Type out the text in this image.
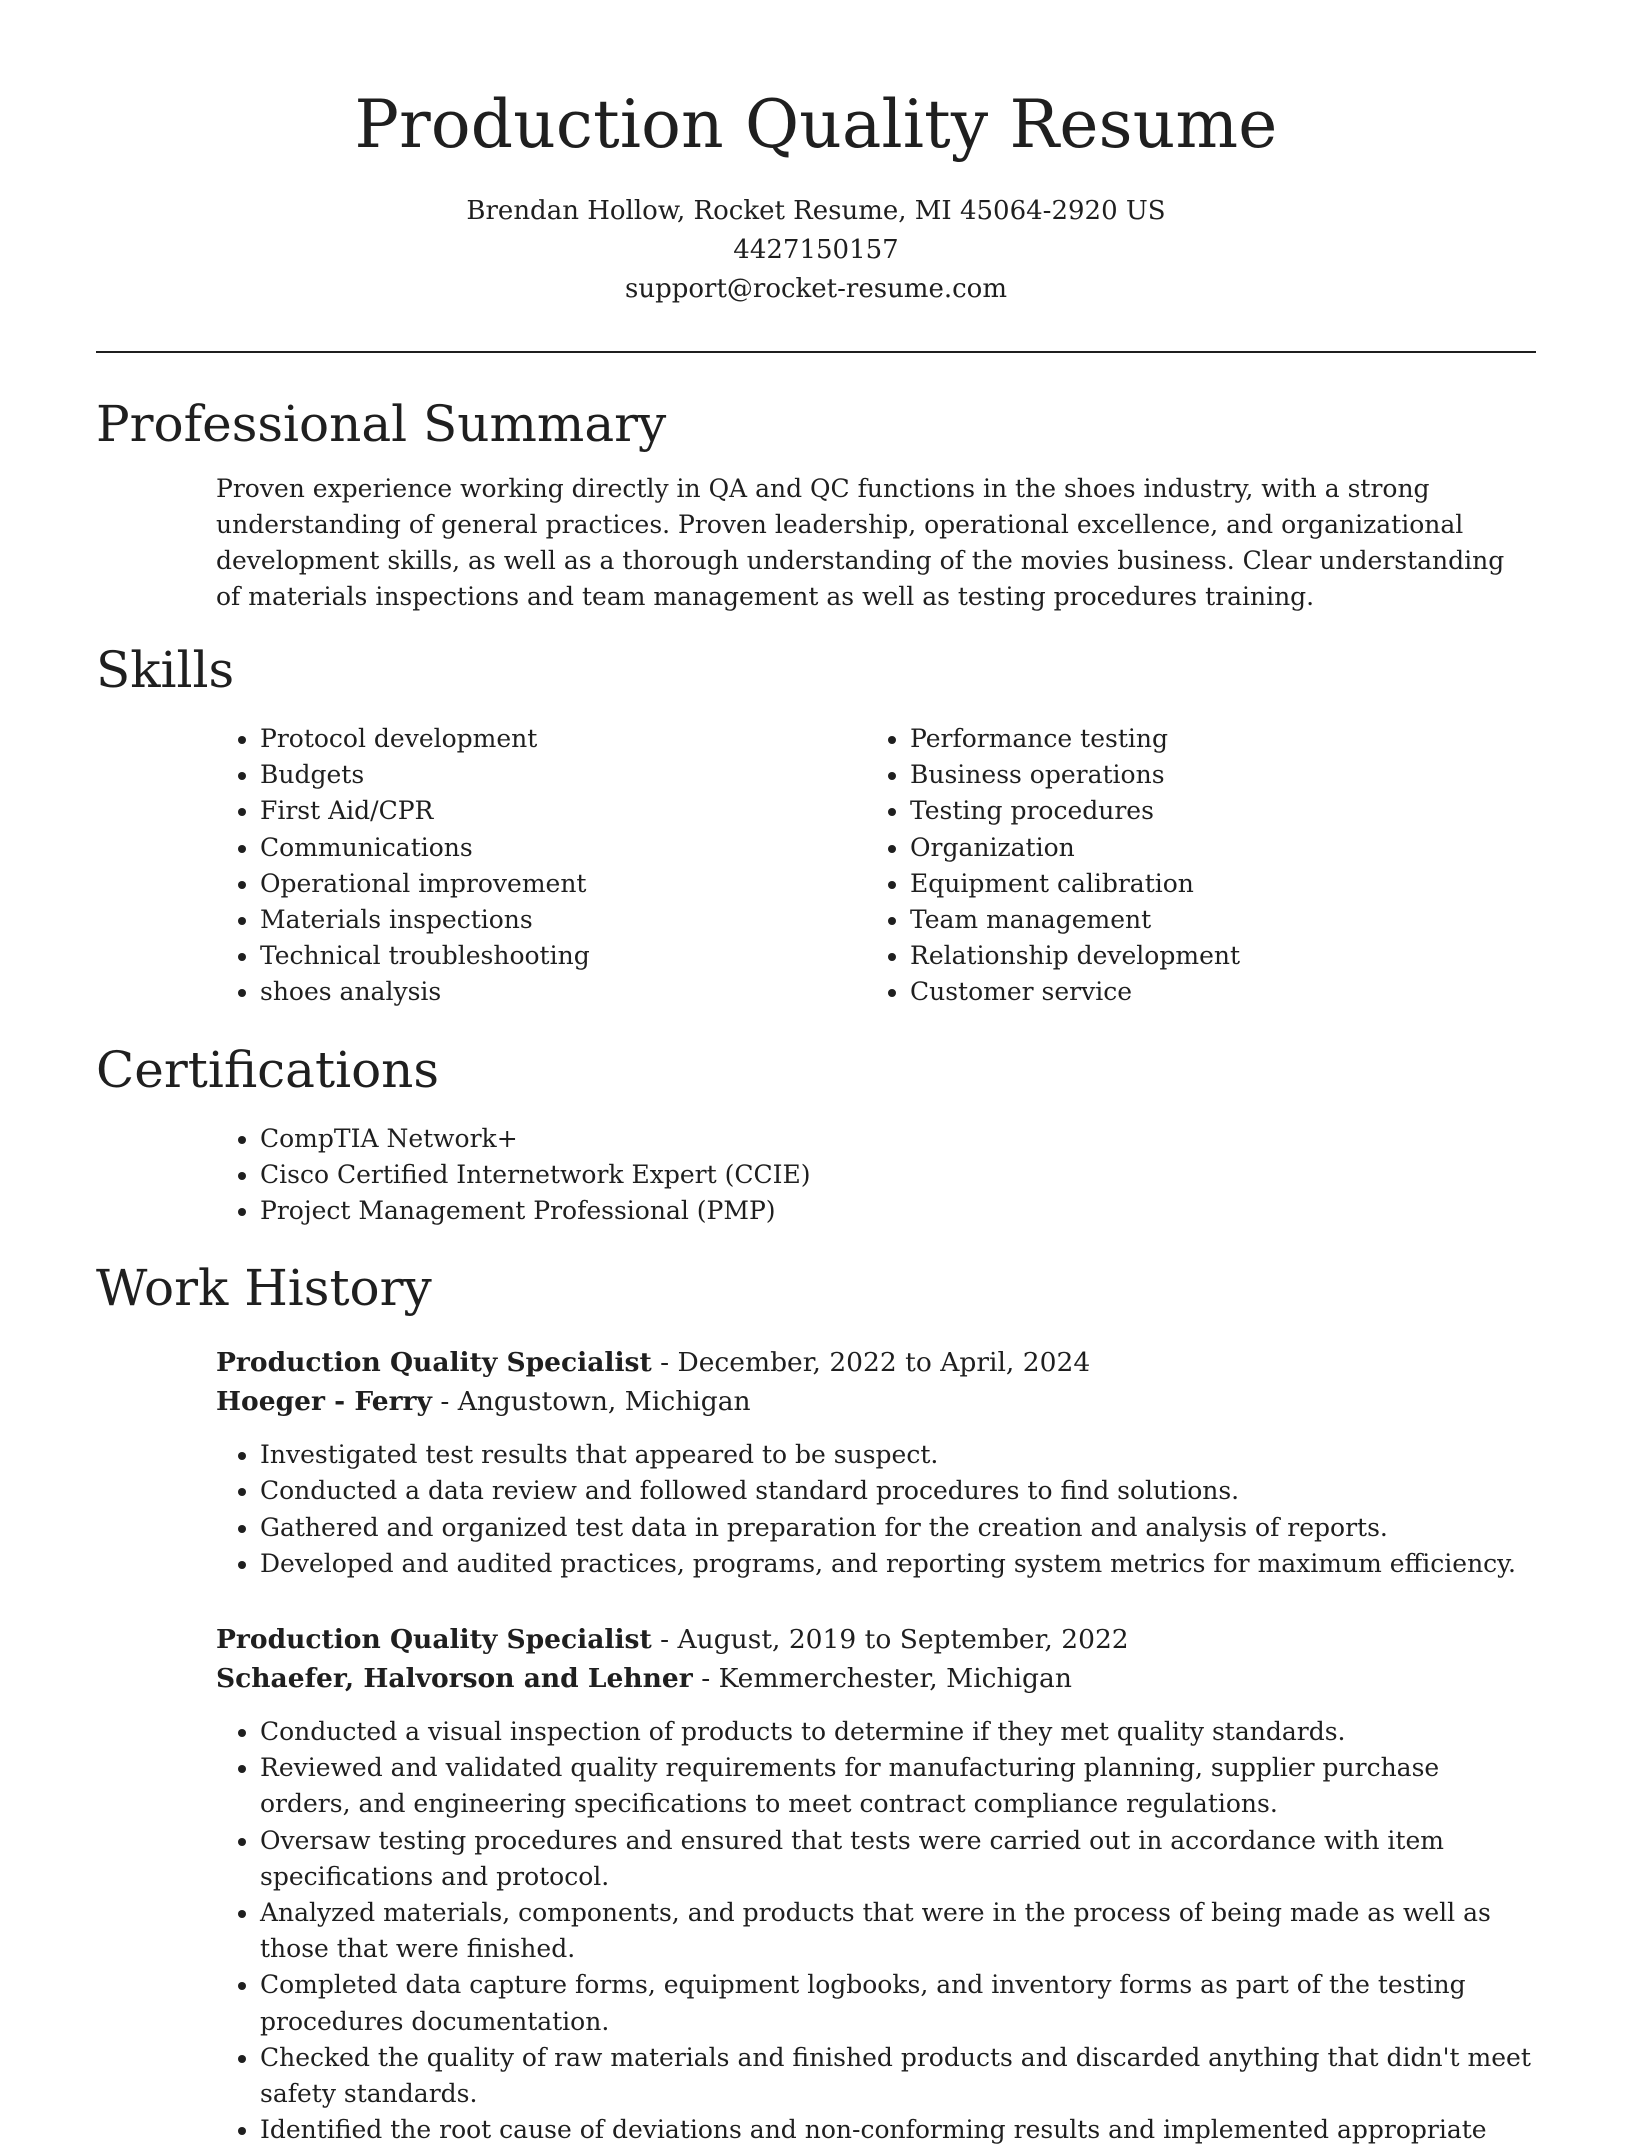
Production Quality Resume
Brendan Hollow, Rocket Resume, MI 45064-2920 US
4427150157
support@rocket-resume.com
Professional Summary

Proven experience working directly in QA and QC functions in the shoes industry, with a strong understanding of general practices. Proven leadership, operational excellence, and organizational development skills, as well as a thorough understanding of the movies business. Clear understanding of materials inspections and team management as well as testing procedures training.

Skills
• Protocol development
• Budgets
• First Aid/CPR
• Communications
• Operational improvement
• Materials inspections
• Technical troubleshooting
• shoes analysis
• Performance testing
• Business operations
• Testing procedures
• Organization
• Equipment calibration
• Team management
• Relationship development
• Customer service
Certifications
• CompTIA Network+
• Cisco Certified Internetwork Expert (CCIE)
• Project Management Professional (PMP)
Work History
Production Quality Specialist - December, 2022 to April, 2024
Hoeger - Ferry - Angustown, Michigan
• Investigated test results that appeared to be suspect.
• Conducted a data review and followed standard procedures to find solutions.
• Gathered and organized test data in preparation for the creation and analysis of reports.
• Developed and audited practices, programs, and reporting system metrics for maximum efficiency.
Production Quality Specialist - August, 2019 to September, 2022
Schaefer, Halvorson and Lehner - Kemmerchester, Michigan
• Conducted a visual inspection of products to determine if they met quality standards.
• Reviewed and validated quality requirements for manufacturing planning, supplier purchase orders, and engineering specifications to meet contract compliance regulations.
• Oversaw testing procedures and ensured that tests were carried out in accordance with item specifications and protocol.
• Analyzed materials, components, and products that were in the process of being made as well as those that were finished.
• Completed data capture forms, equipment logbooks, and inventory forms as part of the testing procedures documentation.
• Checked the quality of raw materials and finished products and discarded anything that didn't meet safety standards.
• Identified the root cause of deviations and non-conforming results and implemented appropriate
